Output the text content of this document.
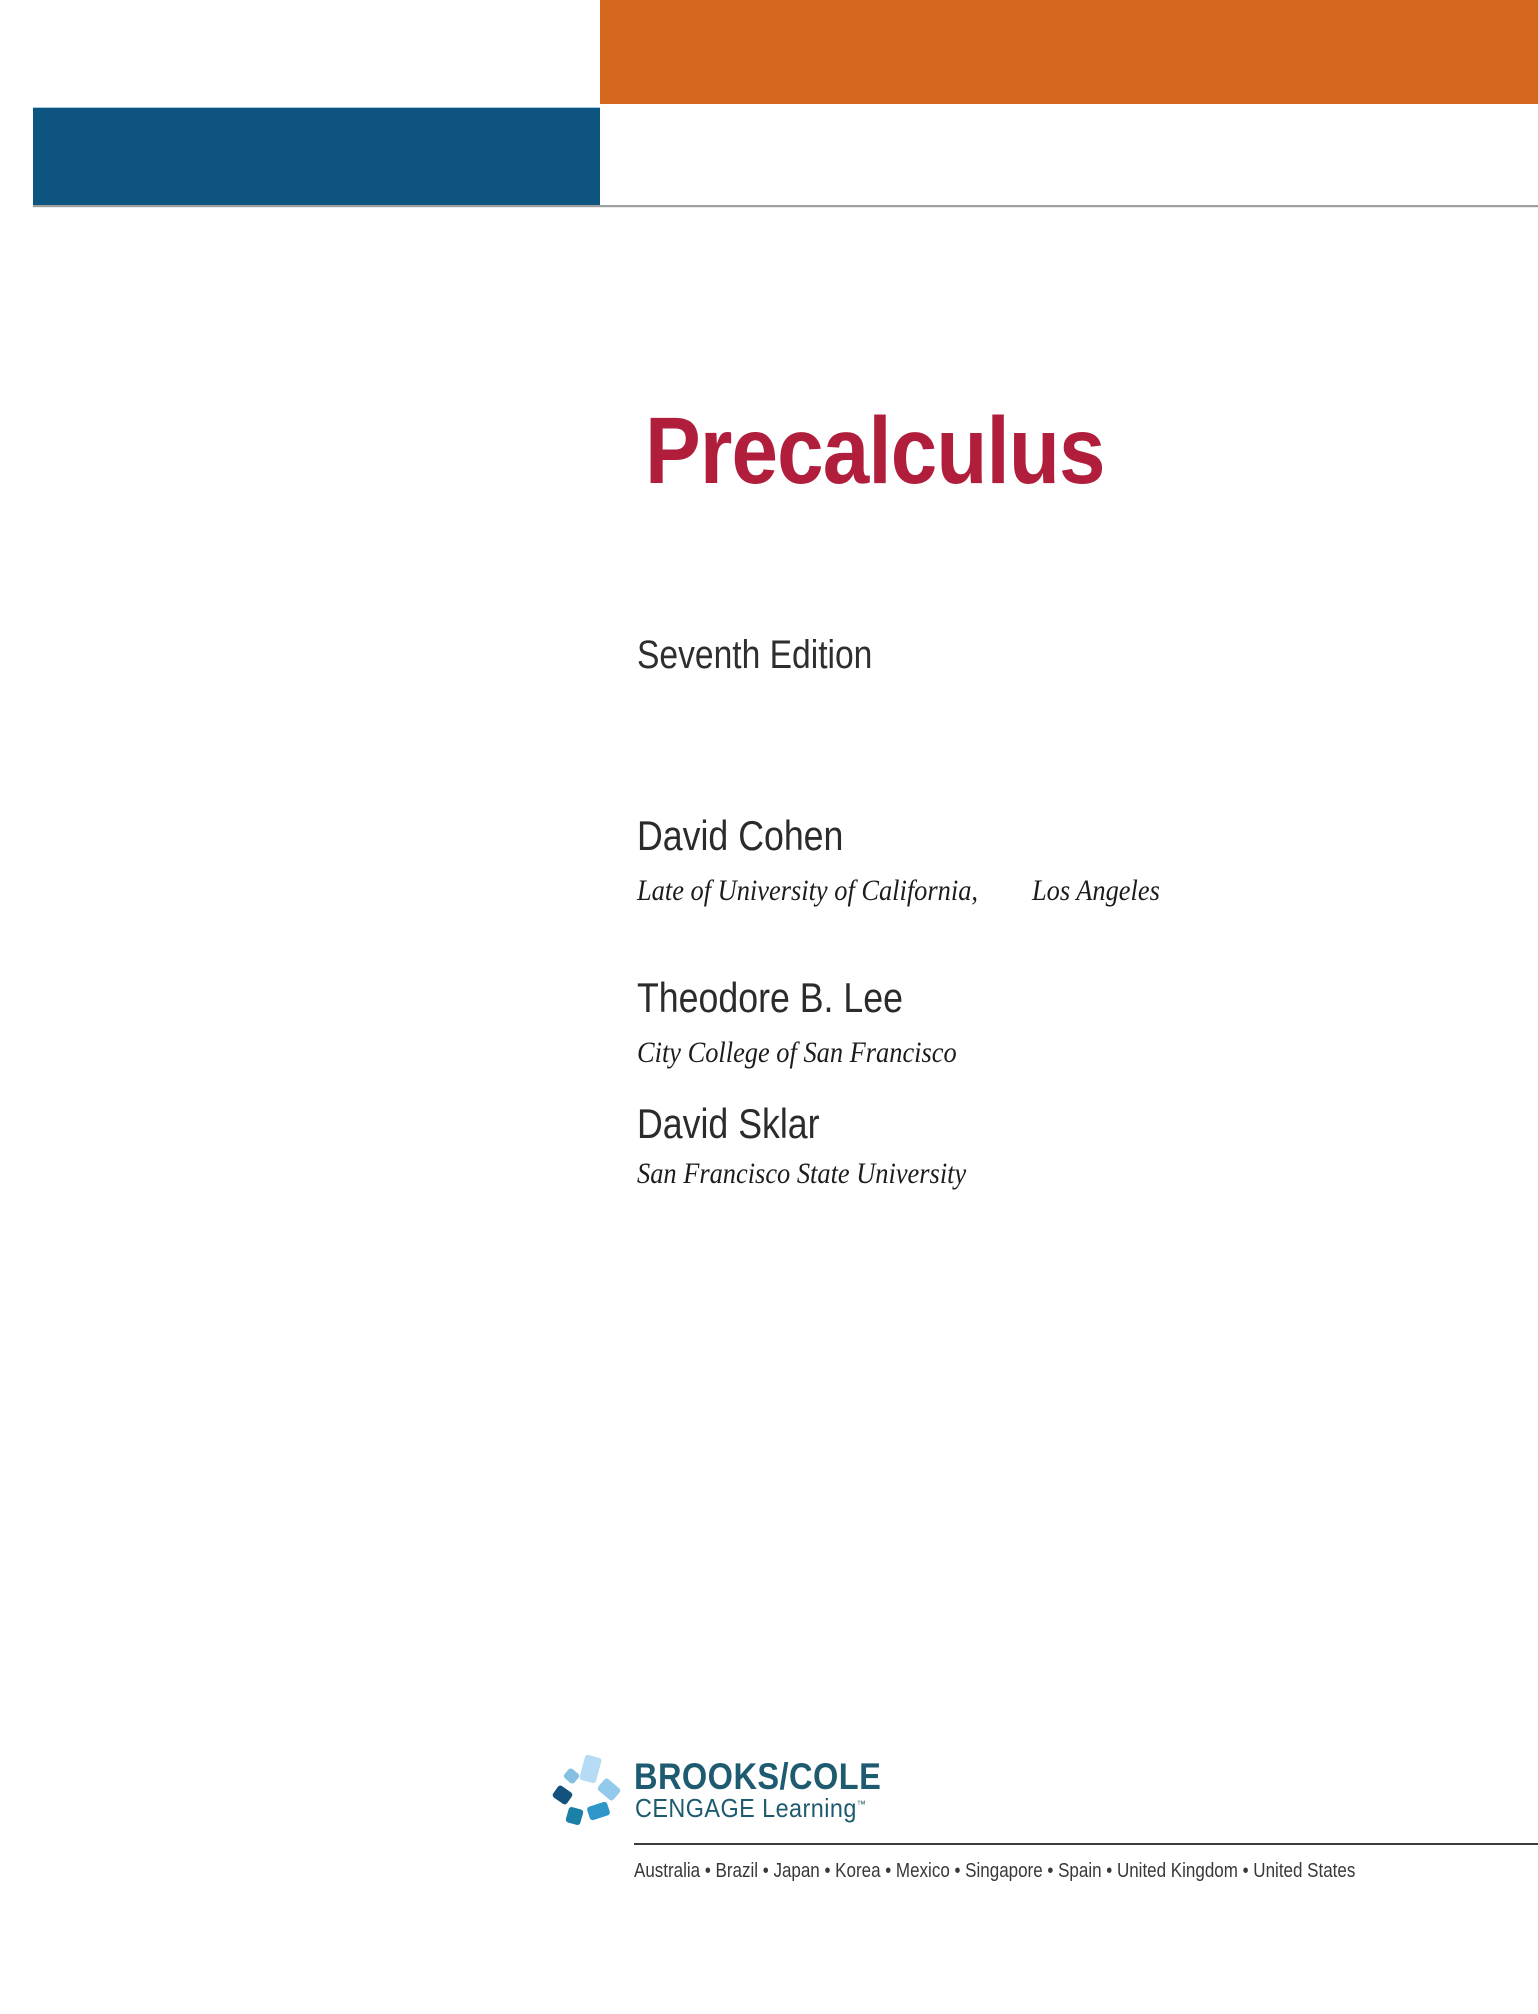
Precalculus
Seventh Edition
David Cohen
Late of University of California, Los Angeles
Theodore B. Lee
City College of San Francisco
David Sklar
San Francisco State University
BROOKS/COLE
CENGAGE Learning™
Australia • Brazil • Japan • Korea • Mexico • Singapore • Spain • United Kingdom • United States
